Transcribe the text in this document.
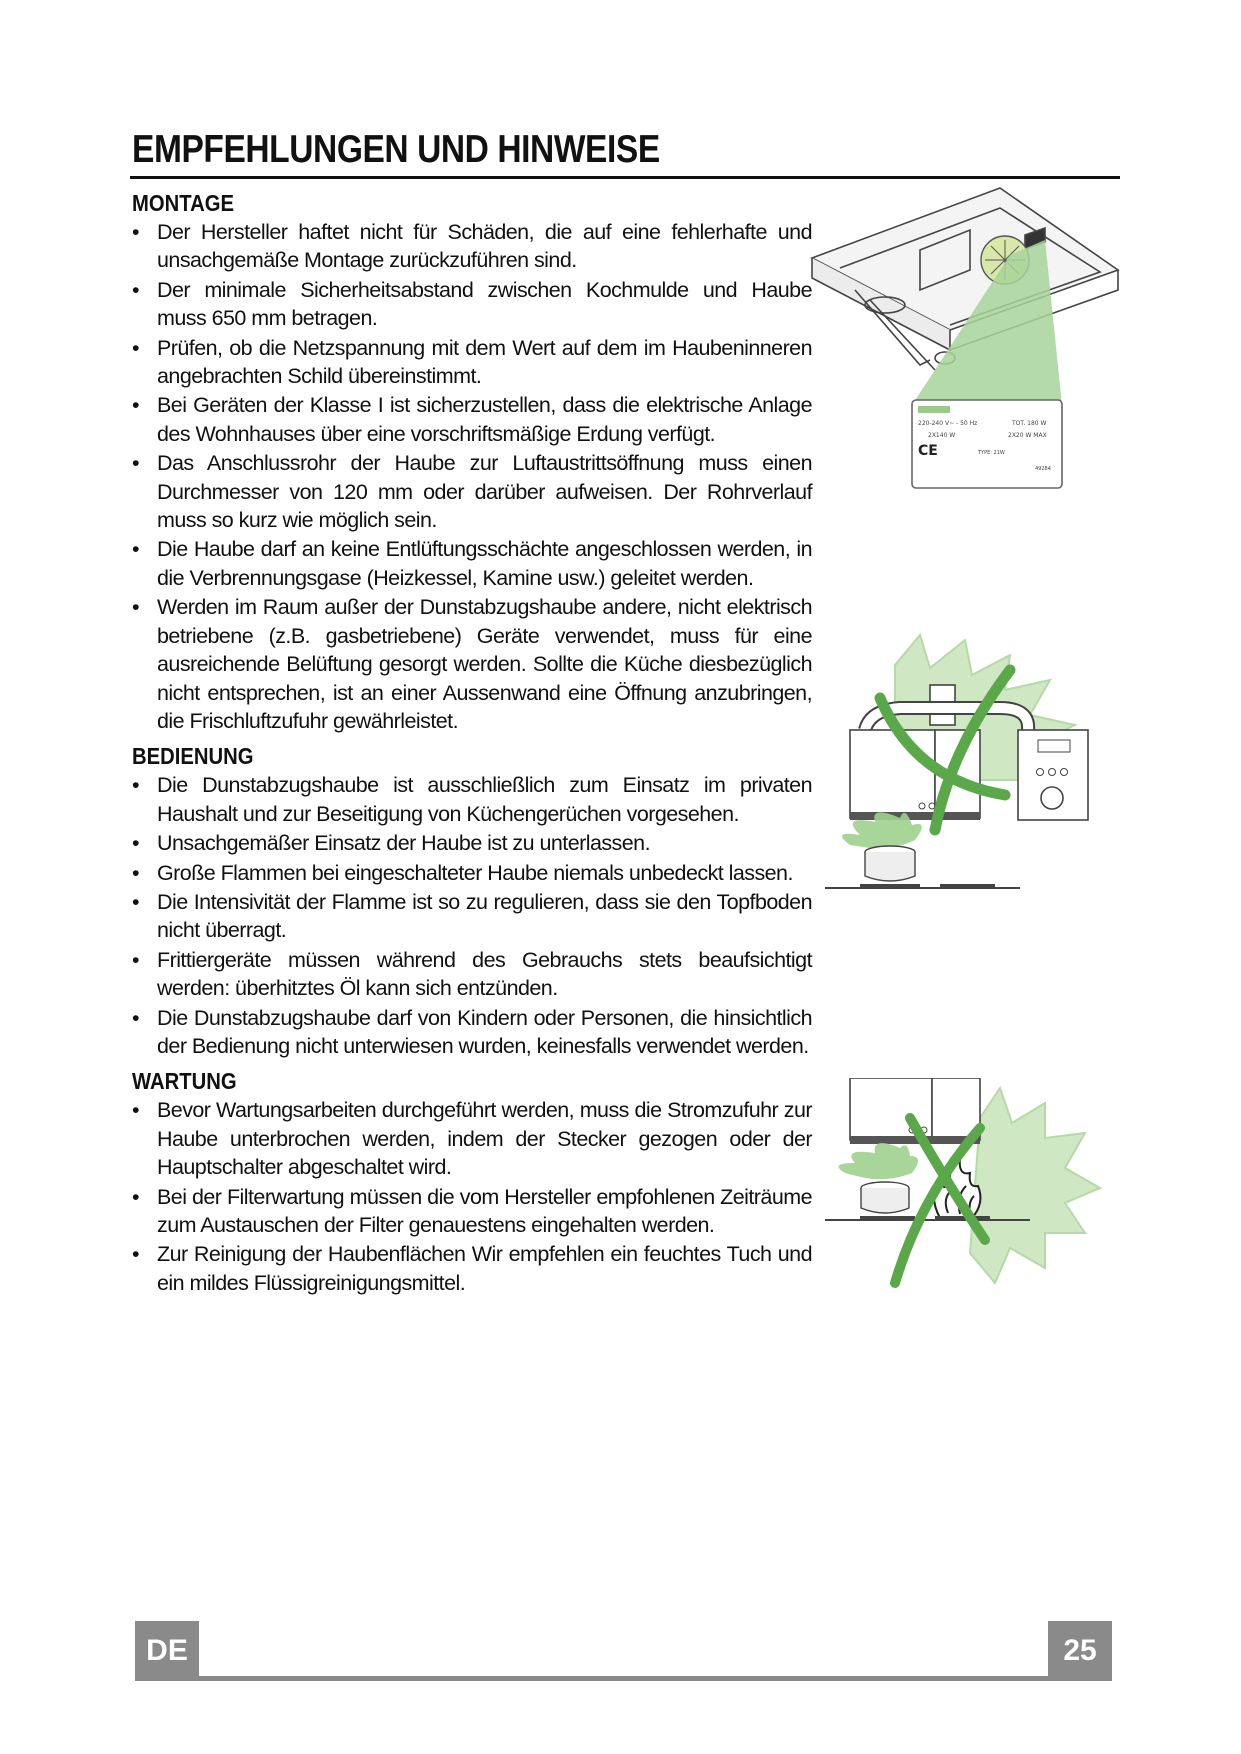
EMPFEHLUNGEN UND HINWEISE
MONTAGE
• Der Hersteller haftet nicht für Schäden, die auf eine fehlerhafte und unsachgemäße Montage zurückzuführen sind.
• Der minimale Sicherheitsabstand zwischen Kochmulde und Haube muss 650 mm betragen.
• Prüfen, ob die Netzspannung mit dem Wert auf dem im Haubeninneren angebrachten Schild übereinstimmt.
• Bei Geräten der Klasse I ist sicherzustellen, dass die elektrische Anlage des Wohnhauses über eine vorschriftsmäßige Erdung verfügt.
• Das Anschlussrohr der Haube zur Luftaustrittsöffnung muss einen Durchmesser von 120 mm oder darüber aufweisen. Der Rohrverlauf muss so kurz wie möglich sein.
• Die Haube darf an keine Entlüftungsschächte angeschlossen werden, in die Verbrennungsgase (Heizkessel, Kamine usw.) geleitet werden.
• Werden im Raum außer der Dunstabzugshaube andere, nicht elektrisch betriebene (z.B. gasbetriebene) Geräte verwendet, muss für eine ausreichende Belüftung gesorgt werden. Sollte die Küche diesbezüglich nicht entsprechen, ist an einer Aussenwand eine Öffnung anzubringen, die Frischluftzufuhr gewährleistet.
BEDIENUNG
• Die Dunstabzugshaube ist ausschließlich zum Einsatz im privaten Haushalt und zur Beseitigung von Küchengerüchen vorgesehen.
• Unsachgemäßer Einsatz der Haube ist zu unterlassen.
• Große Flammen bei eingeschalteter Haube niemals unbedeckt lassen.
• Die Intensivität der Flamme ist so zu regulieren, dass sie den Topfboden nicht überragt.
• Frittiergeräte müssen während des Gebrauchs stets beaufsichtigt werden: überhitztes Öl kann sich entzünden.
• Die Dunstabzugshaube darf von Kindern oder Personen, die hinsichtlich der Bedienung nicht unterwiesen wurden, keinesfalls verwendet werden.
WARTUNG
• Bevor Wartungsarbeiten durchgeführt werden, muss die Stromzufuhr zur Haube unterbrochen werden, indem der Stecker gezogen oder der Hauptschalter abgeschaltet wird.
• Bei der Filterwartung müssen die vom Hersteller empfohlenen Zeiträume zum Austauschen der Filter genauestens eingehalten werden.
• Zur Reinigung der Haubenflächen Wir empfehlen ein feuchtes Tuch und ein mildes Flüssigreinigungsmittel.
220-240 V~ - 50 Hz	TOT. 180 W
2X140 W	2X20 W MAX
CE	TYPE: 21W
49284
DE	25
